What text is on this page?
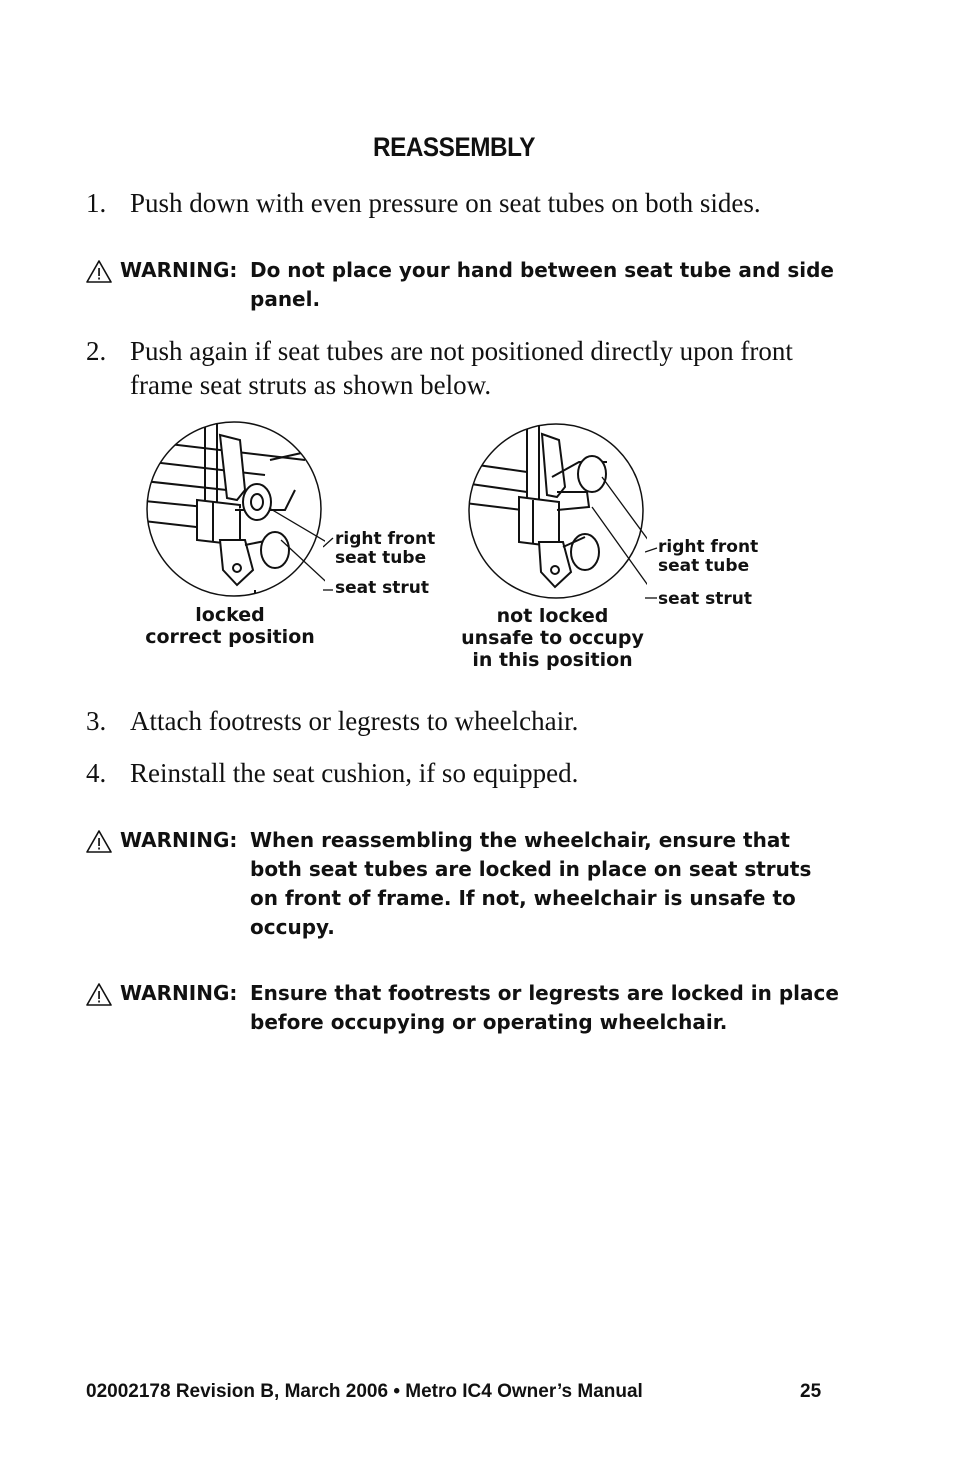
REASSEMBLY
1. Push down with even pressure on seat tubes on both sides.
WARNING: Do not place your hand between seat tube and side panel.
2. Push again if seat tubes are not positioned directly upon front frame seat struts as shown below.
right front seat tube
seat strut
locked
correct position
right front seat tube
seat strut
not locked
unsafe to occupy
in this position
3. Attach footrests or legrests to wheelchair.
4. Reinstall the seat cushion, if so equipped.
WARNING: When reassembling the wheelchair, ensure that both seat tubes are locked in place on seat struts on front of frame. If not, wheelchair is unsafe to occupy.
WARNING: Ensure that footrests or legrests are locked in place before occupying or operating wheelchair.
02002178 Revision B, March 2006 • Metro IC4 Owner’s Manual	25
